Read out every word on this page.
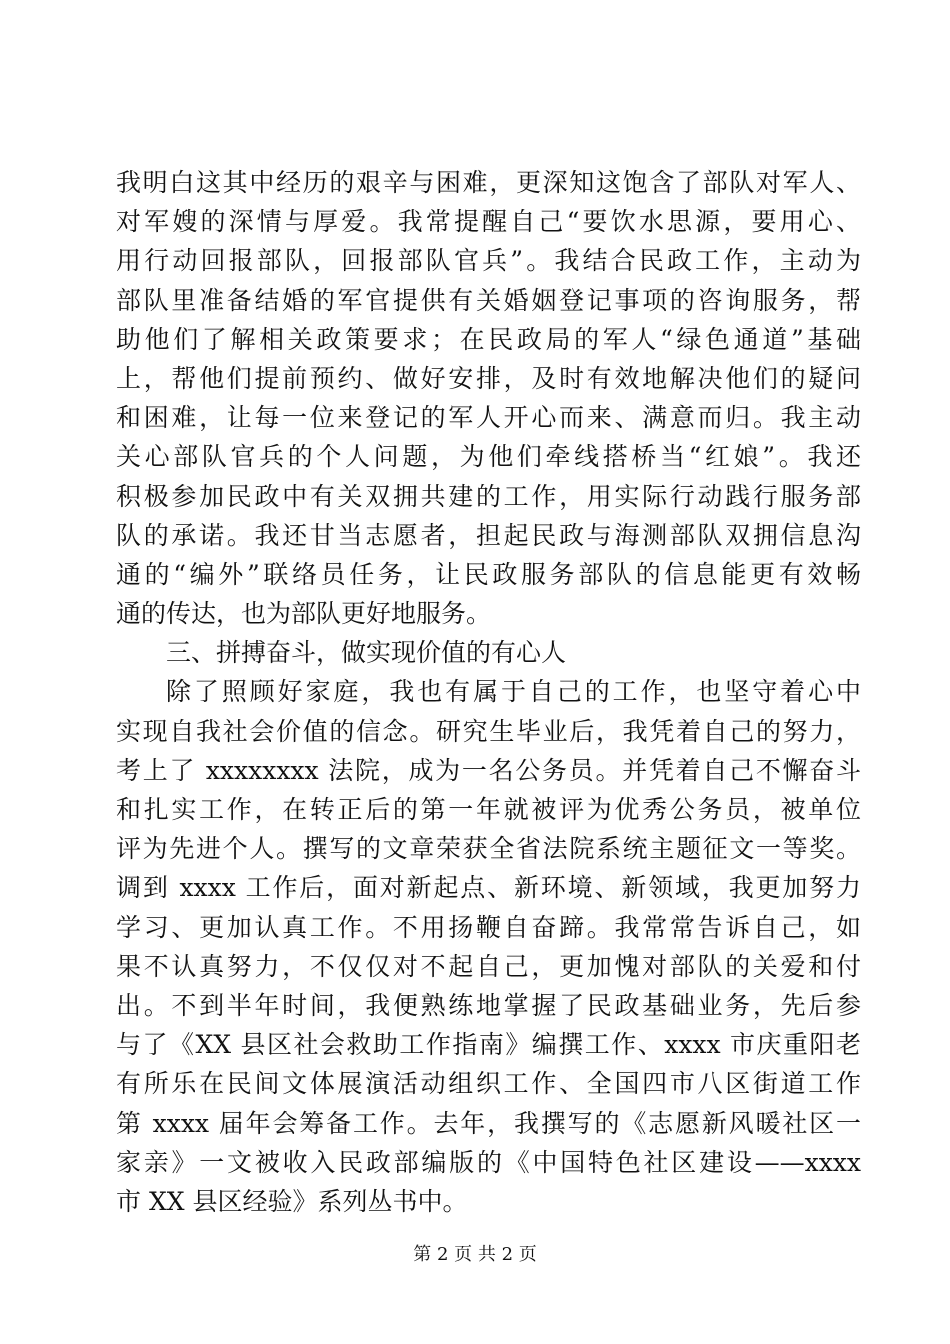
我明白这其中经历的艰辛与困难，更深知这饱含了部队对军人、
对军嫂的深情与厚爱。我常提醒自己“要饮水思源，要用心、
用行动回报部队，回报部队官兵”。我结合民政工作，主动为
部队里准备结婚的军官提供有关婚姻登记事项的咨询服务，帮
助他们了解相关政策要求；在民政局的军人“绿色通道”基础
上，帮他们提前预约、做好安排，及时有效地解决他们的疑问
和困难，让每一位来登记的军人开心而来、满意而归。我主动
关心部队官兵的个人问题，为他们牵线搭桥当“红娘”。我还
积极参加民政中有关双拥共建的工作，用实际行动践行服务部
队的承诺。我还甘当志愿者，担起民政与海测部队双拥信息沟
通的“编外”联络员任务，让民政服务部队的信息能更有效畅
通的传达，也为部队更好地服务。
三、拼搏奋斗，做实现价值的有心人
除了照顾好家庭，我也有属于自己的工作，也坚守着心中
实现自我社会价值的信念。研究生毕业后，我凭着自己的努力，
考上了 xxxxxxxx 法院，成为一名公务员。并凭着自己不懈奋斗
和扎实工作，在转正后的第一年就被评为优秀公务员，被单位
评为先进个人。撰写的文章荣获全省法院系统主题征文一等奖。
调到 xxxx 工作后，面对新起点、新环境、新领域，我更加努力
学习、更加认真工作。不用扬鞭自奋蹄。我常常告诉自己，如
果不认真努力，不仅仅对不起自己，更加愧对部队的关爱和付
出。不到半年时间，我便熟练地掌握了民政基础业务，先后参
与了《XX 县区社会救助工作指南》编撰工作、xxxx 市庆重阳老
有所乐在民间文体展演活动组织工作、全国四市八区街道工作
第 xxxx 届年会筹备工作。去年，我撰写的《志愿新风暖社区一
家亲》一文被收入民政部编版的《中国特色社区建设——xxxx
市 XX 县区经验》系列丛书中。
第 2 页 共 2 页
